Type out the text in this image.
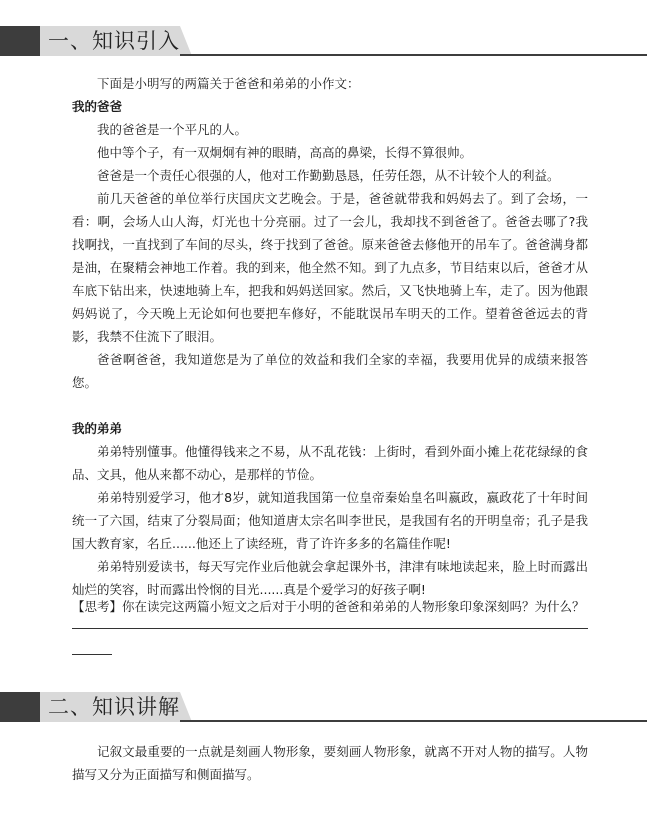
一、知识引入

下面是小明写的两篇关于爸爸和弟弟的小作文：

我的爸爸

我的爸爸是一个平凡的人。

他中等个子，有一双炯炯有神的眼睛，高高的鼻梁，长得不算很帅。

爸爸是一个责任心很强的人，他对工作勤勤恳恳，任劳任怨，从不计较个人的利益。

前几天爸爸的单位举行庆国庆文艺晚会。于是，爸爸就带我和妈妈去了。到了会场，一看：啊，会场人山人海，灯光也十分亮丽。过了一会儿，我却找不到爸爸了。爸爸去哪了?我找啊找，一直找到了车间的尽头，终于找到了爸爸。原来爸爸去修他开的吊车了。爸爸满身都是油，在聚精会神地工作着。我的到来，他全然不知。到了九点多，节目结束以后，爸爸才从车底下钻出来，快速地骑上车，把我和妈妈送回家。然后，又飞快地骑上车，走了。因为他跟妈妈说了，今天晚上无论如何也要把车修好，不能耽误吊车明天的工作。望着爸爸远去的背影，我禁不住流下了眼泪。

爸爸啊爸爸，我知道您是为了单位的效益和我们全家的幸福，我要用优异的成绩来报答您。

我的弟弟

弟弟特别懂事。他懂得钱来之不易，从不乱花钱：上街时，看到外面小摊上花花绿绿的食品、文具，他从来都不动心，是那样的节俭。

弟弟特别爱学习，他才8岁，就知道我国第一位皇帝秦始皇名叫嬴政，嬴政花了十年时间统一了六国，结束了分裂局面；他知道唐太宗名叫李世民，是我国有名的开明皇帝；孔子是我国大教育家，名丘......他还上了读经班，背了许许多多的名篇佳作呢!

弟弟特别爱读书，每天写完作业后他就会拿起课外书，津津有味地读起来，脸上时而露出灿烂的笑容，时而露出怜悯的目光......真是个爱学习的好孩子啊!

【思考】你在读完这两篇小短文之后对于小明的爸爸和弟弟的人物形象印象深刻吗？为什么？

二、知识讲解

记叙文最重要的一点就是刻画人物形象，要刻画人物形象，就离不开对人物的描写。人物描写又分为正面描写和侧面描写。
